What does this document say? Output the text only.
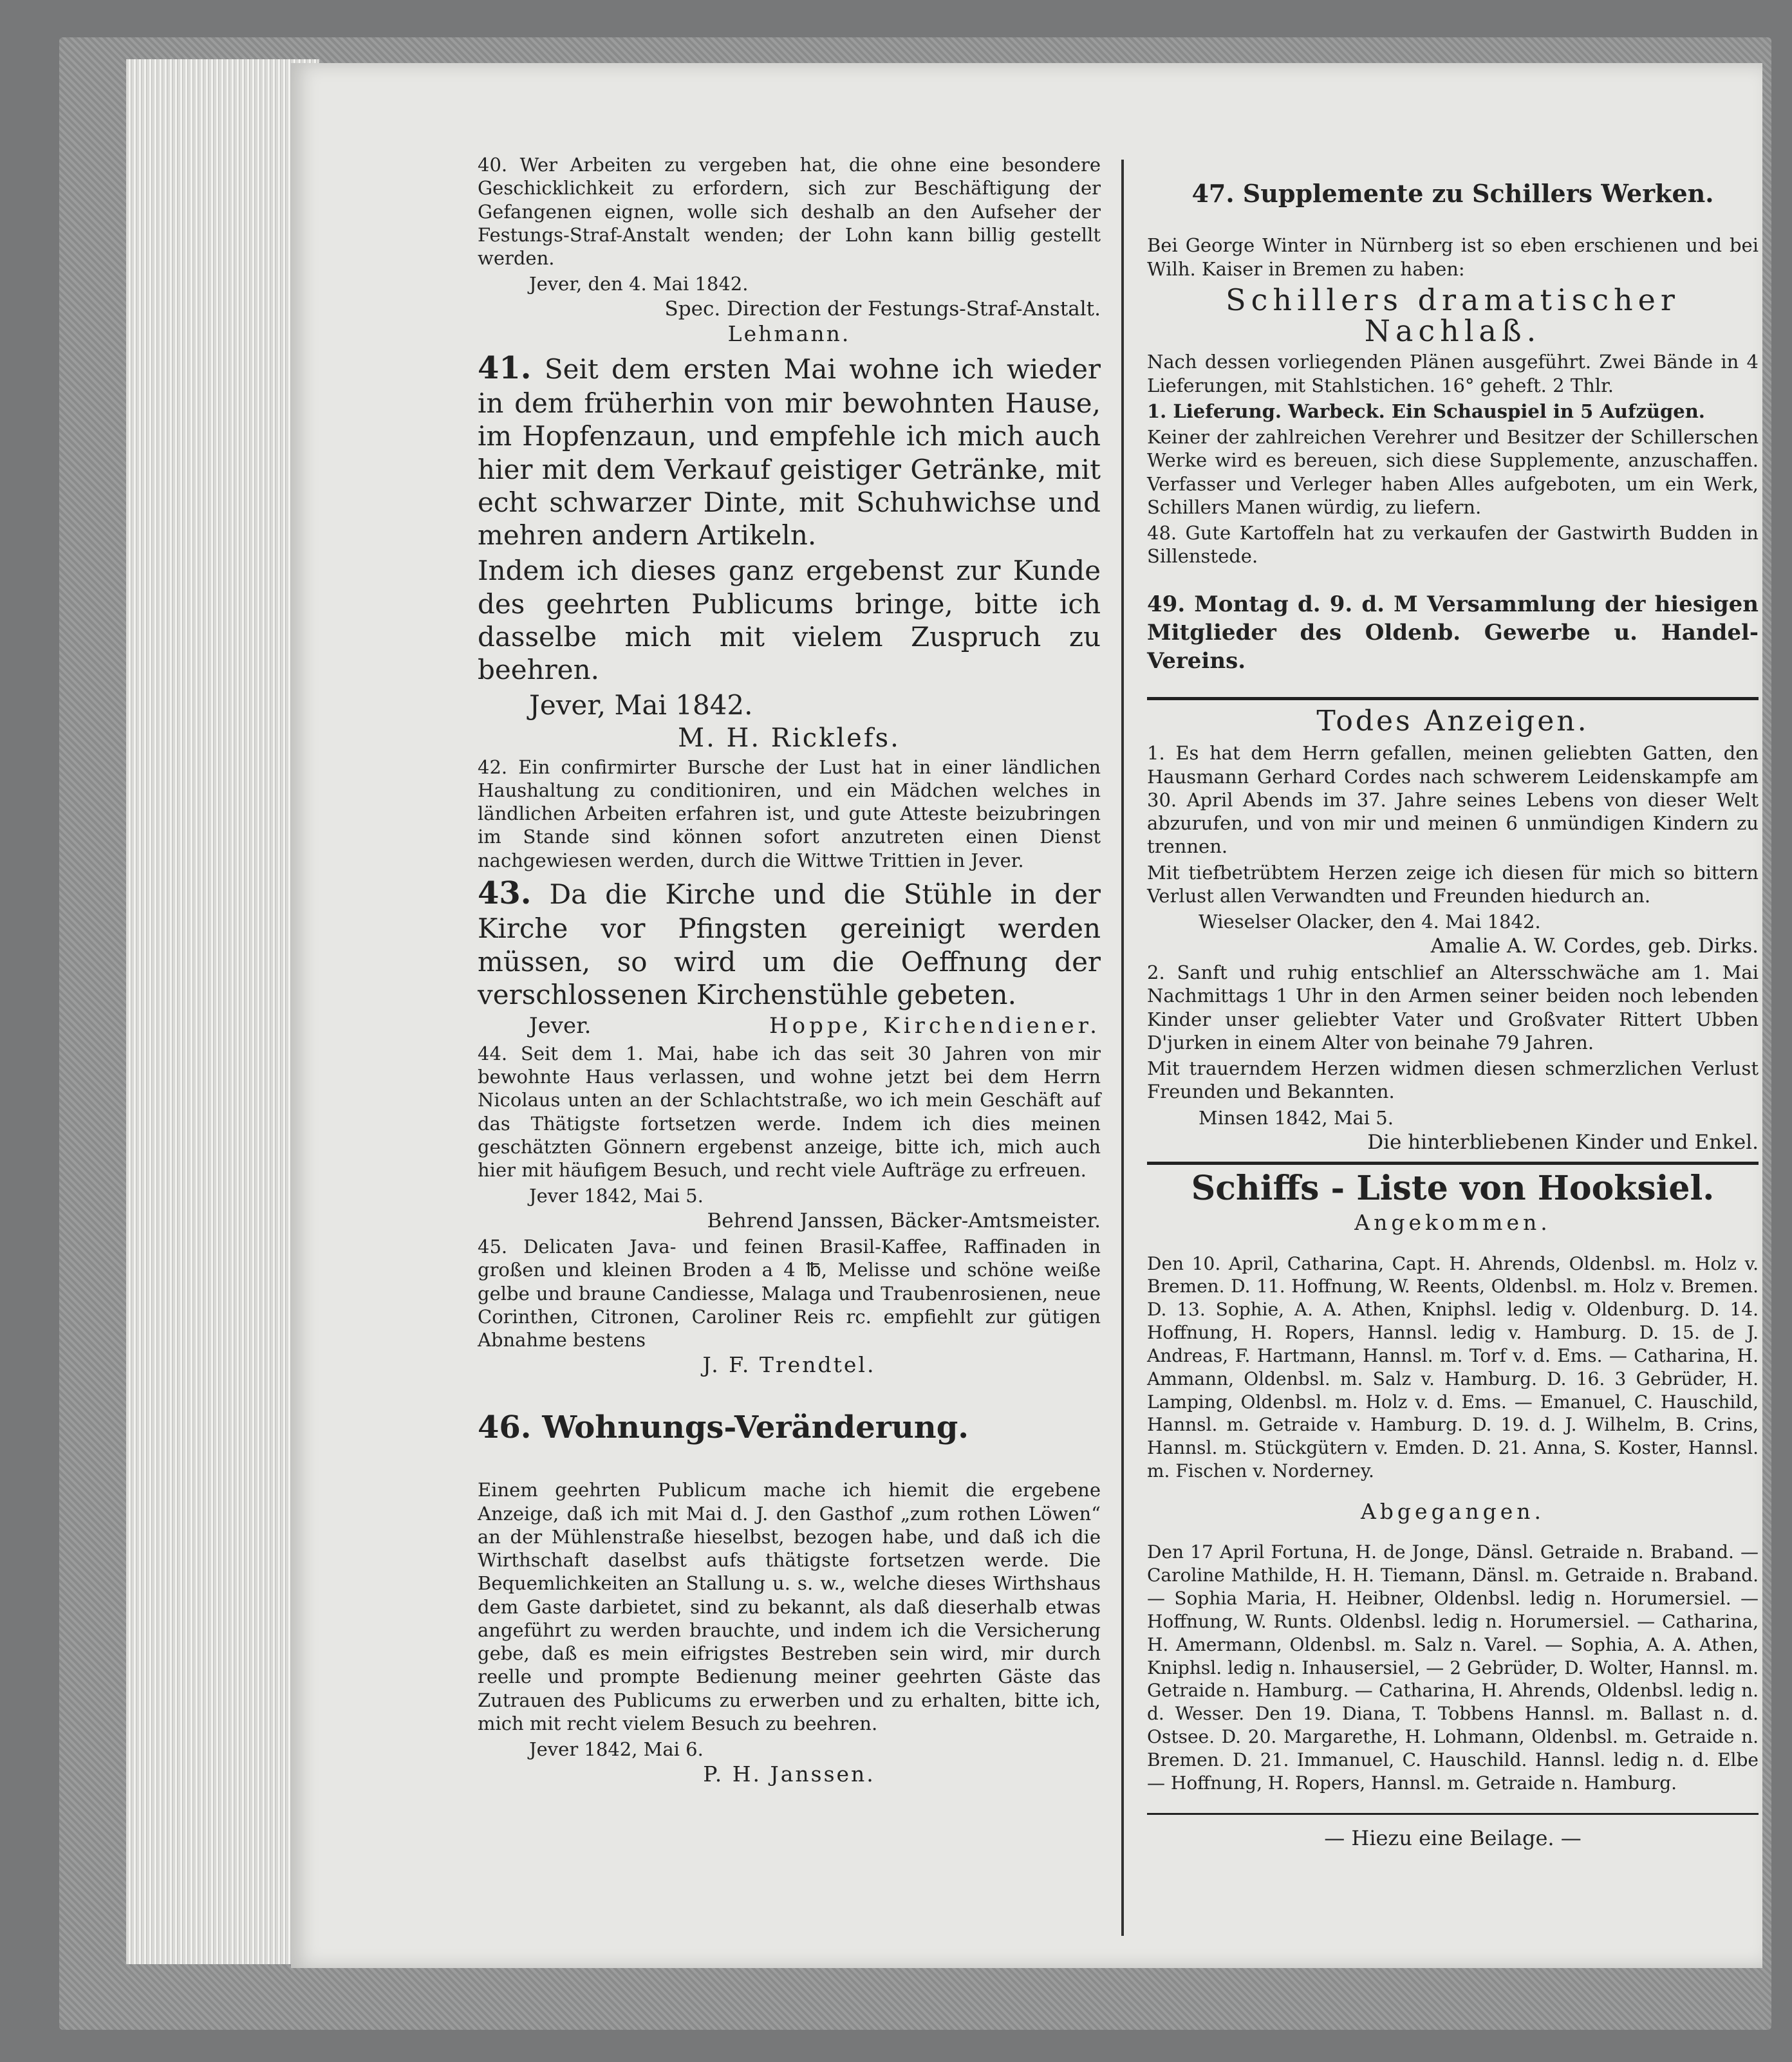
40. Wer Arbeiten zu vergeben hat, die ohne eine besondere Geschicklichkeit zu erfordern, sich zur Beschäftigung der Gefangenen eignen, wolle sich deshalb an den Aufseher der Festungs-Straf-Anstalt wenden; der Lohn kann billig gestellt werden.

Jever, den 4. Mai 1842.

Spec. Direction der Festungs-Straf-Anstalt.

Lehmann.

41. Seit dem ersten Mai wohne ich wieder in dem früherhin von mir bewohnten Hause, im Hopfenzaun, und empfehle ich mich auch hier mit dem Verkauf geistiger Getränke, mit echt schwarzer Dinte, mit Schuhwichse und mehren andern Artikeln.

Indem ich dieses ganz ergebenst zur Kunde des geehrten Publicums bringe, bitte ich dasselbe mich mit vielem Zuspruch zu beehren.

Jever, Mai 1842.

M. H. Ricklefs.

42. Ein confirmirter Bursche der Lust hat in einer ländlichen Haushaltung zu conditioniren, und ein Mädchen welches in ländlichen Arbeiten erfahren ist, und gute Atteste beizubringen im Stande sind können sofort anzutreten einen Dienst nachgewiesen werden, durch die Wittwe Trittien in Jever.

43. Da die Kirche und die Stühle in der Kirche vor Pfingsten gereinigt werden müssen, so wird um die Oeffnung der verschlossenen Kirchenstühle gebeten.

Jever.	Hoppe, Kirchendiener.

44. Seit dem 1. Mai, habe ich das seit 30 Jahren von mir bewohnte Haus verlassen, und wohne jetzt bei dem Herrn Nicolaus unten an der Schlachtstraße, wo ich mein Geschäft auf das Thätigste fortsetzen werde. Indem ich dies meinen geschätzten Gönnern ergebenst anzeige, bitte ich, mich auch hier mit häufigem Besuch, und recht viele Aufträge zu erfreuen.

Jever 1842, Mai 5.

Behrend Janssen, Bäcker-Amtsmeister.

45. Delicaten Java- und feinen Brasil-Kaffee, Raffinaden in großen und kleinen Broden a 4 ℔, Melisse und schöne weiße gelbe und braune Candiesse, Malaga und Traubenrosienen, neue Corinthen, Citronen, Caroliner Reis rc. empfiehlt zur gütigen Abnahme bestens

J. F. Trendtel.

46. Wohnungs-Veränderung.

Einem geehrten Publicum mache ich hiemit die ergebene Anzeige, daß ich mit Mai d. J. den Gasthof „zum rothen Löwen“ an der Mühlenstraße hieselbst, bezogen habe, und daß ich die Wirthschaft daselbst aufs thätigste fortsetzen werde. Die Bequemlichkeiten an Stallung u. s. w., welche dieses Wirthshaus dem Gaste darbietet, sind zu bekannt, als daß dieserhalb etwas angeführt zu werden brauchte, und indem ich die Versicherung gebe, daß es mein eifrigstes Bestreben sein wird, mir durch reelle und prompte Bedienung meiner geehrten Gäste das Zutrauen des Publicums zu erwerben und zu erhalten, bitte ich, mich mit recht vielem Besuch zu beehren.

Jever 1842, Mai 6.

P. H. Janssen.

47. Supplemente zu Schillers Werken.

Bei George Winter in Nürnberg ist so eben erschienen und bei Wilh. Kaiser in Bremen zu haben:

Schillers dramatischer Nachlaß.

Nach dessen vorliegenden Plänen ausgeführt. Zwei Bände in 4 Lieferungen, mit Stahlstichen. 16° geheft. 2 Thlr.

1. Lieferung. Warbeck. Ein Schauspiel in 5 Aufzügen.

Keiner der zahlreichen Verehrer und Besitzer der Schillerschen Werke wird es bereuen, sich diese Supplemente, anzuschaffen. Verfasser und Verleger haben Alles aufgeboten, um ein Werk, Schillers Manen würdig, zu liefern.

48. Gute Kartoffeln hat zu verkaufen der Gastwirth Budden in Sillenstede.

49. Montag d. 9. d. M Versammlung der hiesigen Mitglieder des Oldenb. Gewerbe u. Handel-Vereins.

Todes Anzeigen.

1. Es hat dem Herrn gefallen, meinen geliebten Gatten, den Hausmann Gerhard Cordes nach schwerem Leidenskampfe am 30. April Abends im 37. Jahre seines Lebens von dieser Welt abzurufen, und von mir und meinen 6 unmündigen Kindern zu trennen.

Mit tiefbetrübtem Herzen zeige ich diesen für mich so bittern Verlust allen Verwandten und Freunden hiedurch an.

Wieselser Olacker, den 4. Mai 1842.

Amalie A. W. Cordes, geb. Dirks.

2. Sanft und ruhig entschlief an Altersschwäche am 1. Mai Nachmittags 1 Uhr in den Armen seiner beiden noch lebenden Kinder unser geliebter Vater und Großvater Rittert Ubben D'jurken in einem Alter von beinahe 79 Jahren.

Mit trauerndem Herzen widmen diesen schmerzlichen Verlust Freunden und Bekannten.

Minsen 1842, Mai 5.

Die hinterbliebenen Kinder und Enkel.

Schiffs - Liste von Hooksiel.

Angekommen.

Den 10. April, Catharina, Capt. H. Ahrends, Oldenbsl. m. Holz v. Bremen. D. 11. Hoffnung, W. Reents, Oldenbsl. m. Holz v. Bremen. D. 13. Sophie, A. A. Athen, Kniphsl. ledig v. Oldenburg. D. 14. Hoffnung, H. Ropers, Hannsl. ledig v. Hamburg. D. 15. de J. Andreas, F. Hartmann, Hannsl. m. Torf v. d. Ems. — Catharina, H. Ammann, Oldenbsl. m. Salz v. Hamburg. D. 16. 3 Gebrüder, H. Lamping, Oldenbsl. m. Holz v. d. Ems. — Emanuel, C. Hauschild, Hannsl. m. Getraide v. Hamburg. D. 19. d. J. Wilhelm, B. Crins, Hannsl. m. Stückgütern v. Emden. D. 21. Anna, S. Koster, Hannsl. m. Fischen v. Norderney.

Abgegangen.

Den 17 April Fortuna, H. de Jonge, Dänsl. Getraide n. Braband. — Caroline Mathilde, H. H. Tiemann, Dänsl. m. Getraide n. Braband. — Sophia Maria, H. Heibner, Oldenbsl. ledig n. Horumersiel. — Hoffnung, W. Runts. Oldenbsl. ledig n. Horumersiel. — Catharina, H. Amermann, Oldenbsl. m. Salz n. Varel. — Sophia, A. A. Athen, Kniphsl. ledig n. Inhausersiel, — 2 Gebrüder, D. Wolter, Hannsl. m. Getraide n. Hamburg. — Catharina, H. Ahrends, Oldenbsl. ledig n. d. Wesser. Den 19. Diana, T. Tobbens Hannsl. m. Ballast n. d. Ostsee. D. 20. Margarethe, H. Lohmann, Oldenbsl. m. Getraide n. Bremen. D. 21. Immanuel, C. Hauschild. Hannsl. ledig n. d. Elbe — Hoffnung, H. Ropers, Hannsl. m. Getraide n. Hamburg.

— Hiezu eine Beilage. —
